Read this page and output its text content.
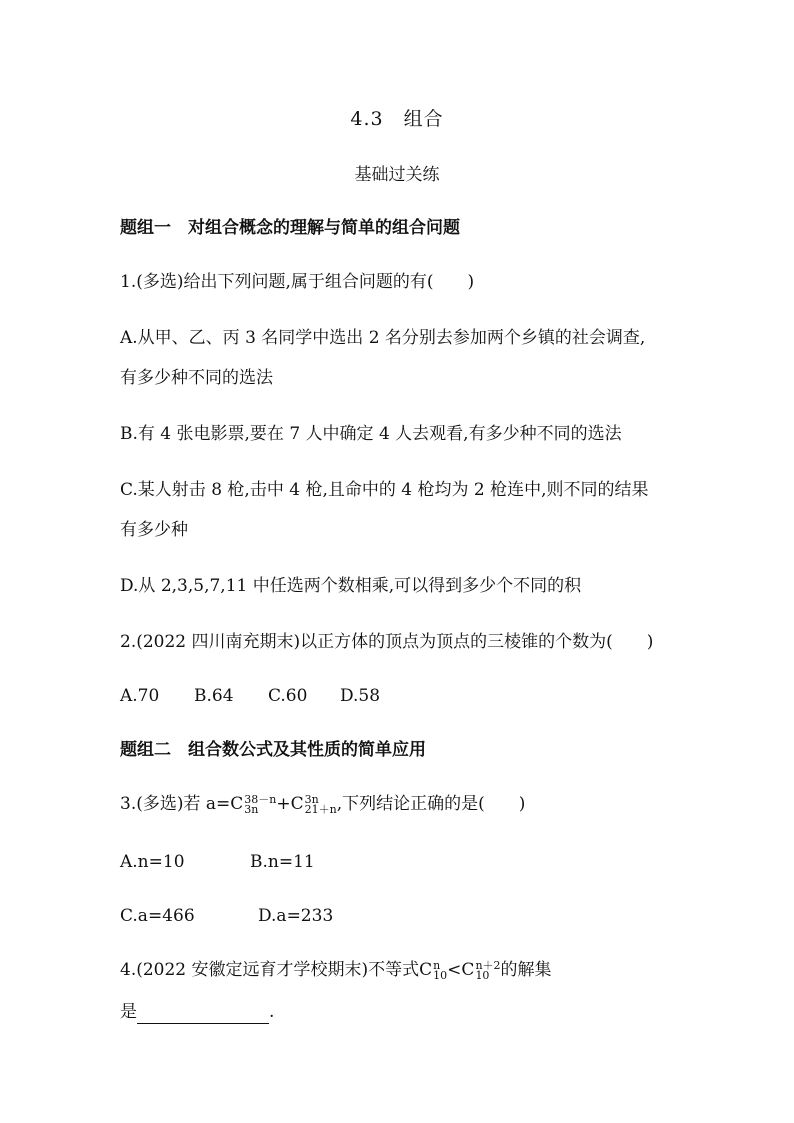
4.3　组合
基础过关练
题组一　对组合概念的理解与简单的组合问题
1.(多选)给出下列问题,属于组合问题的有(　　)
A.从甲、乙、丙 3 名同学中选出 2 名分别去参加两个乡镇的社会调查,
有多少种不同的选法
B.有 4 张电影票,要在 7 人中确定 4 人去观看,有多少种不同的选法
C.某人射击 8 枪,击中 4 枪,且命中的 4 枪均为 2 枪连中,则不同的结果
有多少种
D.从 2,3,5,7,11 中任选两个数相乘,可以得到多少个不同的积
2.(2022 四川南充期末)以正方体的顶点为顶点的三棱锥的个数为(　　)
A.70 B.64 C.60 D.58
题组二　组合数公式及其性质的简单应用
3.(多选)若 a=C 38－n
3n	+C 3n
21＋n ,下列结论正确的是(　　)
A.n=10	B.n=11
C.a=466	D.a=233
4.(2022 安徽定远育才学校期末)不等式C n
10 <C n＋2
10 的解集
是	.
